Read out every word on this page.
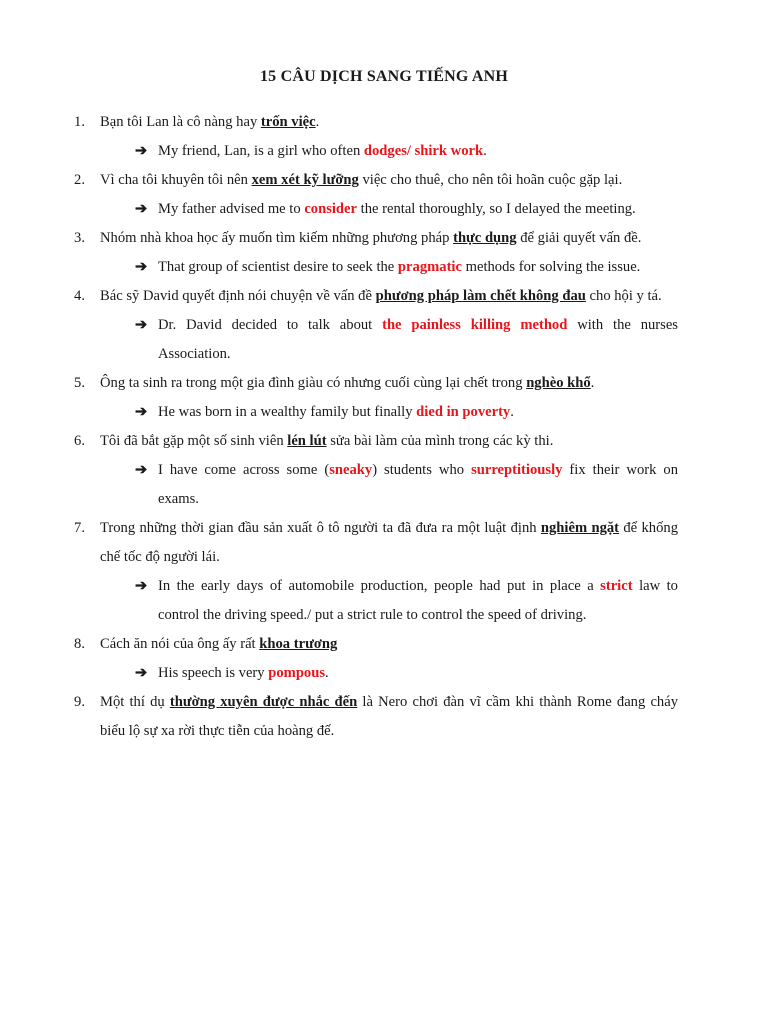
15 CÂU DỊCH SANG TIẾNG ANH

1. Bạn tôi Lan là cô nàng hay trốn việc.

➔ My friend, Lan, is a girl who often dodges/ shirk work.

2. Vì cha tôi khuyên tôi nên xem xét kỹ lưỡng việc cho thuê, cho nên tôi hoãn cuộc gặp lại.

➔ My father advised me to consider the rental thoroughly, so I delayed the meeting.

3. Nhóm nhà khoa học ấy muốn tìm kiếm những phương pháp thực dụng để giải quyết vấn đề.

➔ That group of scientist desire to seek the pragmatic methods for solving the issue.

4. Bác sỹ David quyết định nói chuyện về vấn đề phương pháp làm chết không đau cho hội y tá.

➔ Dr. David decided to talk about the painless killing method with the nurses Association.

5. Ông ta sinh ra trong một gia đình giàu có nhưng cuối cùng lại chết trong nghèo khổ.

➔ He was born in a wealthy family but finally died in poverty.

6. Tôi đã bắt gặp một số sinh viên lén lút sửa bài làm của mình trong các kỳ thi.

➔ I have come across some (sneaky) students who surreptitiously fix their work on exams.

7. Trong những thời gian đầu sản xuất ô tô người ta đã đưa ra một luật định nghiêm ngặt để khống chế tốc độ người lái.

➔ In the early days of automobile production, people had put in place a strict law to control the driving speed./ put a strict rule to control the speed of driving.

8. Cách ăn nói của ông ấy rất khoa trương

➔ His speech is very pompous.

9. Một thí dụ thường xuyên được nhắc đến là Nero chơi đàn vĩ cầm khi thành Rome đang cháy biểu lộ sự xa rời thực tiễn của hoàng đế.
